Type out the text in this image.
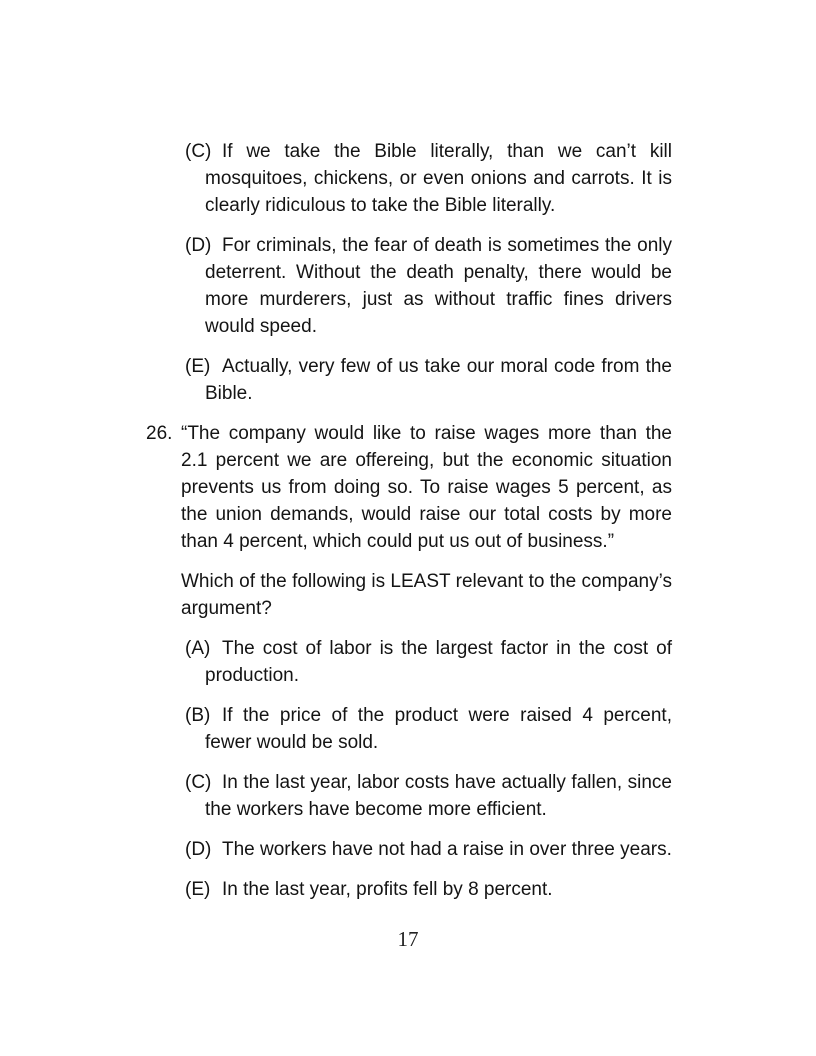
(C) If we take the Bible literally, than we can’t kill mosquitoes, chickens, or even onions and carrots. It is clearly ridiculous to take the Bible literally.

(D) For criminals, the fear of death is sometimes the only deterrent. Without the death penalty, there would be more murderers, just as without traffic fines drivers would speed.

(E) Actually, very few of us take our moral code from the Bible.

26. “The company would like to raise wages more than the 2.1 percent we are offereing, but the economic situation prevents us from doing so. To raise wages 5 percent, as the union demands, would raise our total costs by more than 4 percent, which could put us out of business.”

Which of the following is LEAST relevant to the company’s argument?

(A) The cost of labor is the largest factor in the cost of production.

(B) If the price of the product were raised 4 percent, fewer would be sold.

(C) In the last year, labor costs have actually fallen, since the workers have become more efficient.

(D) The workers have not had a raise in over three years.

(E) In the last year, profits fell by 8 percent.

17
